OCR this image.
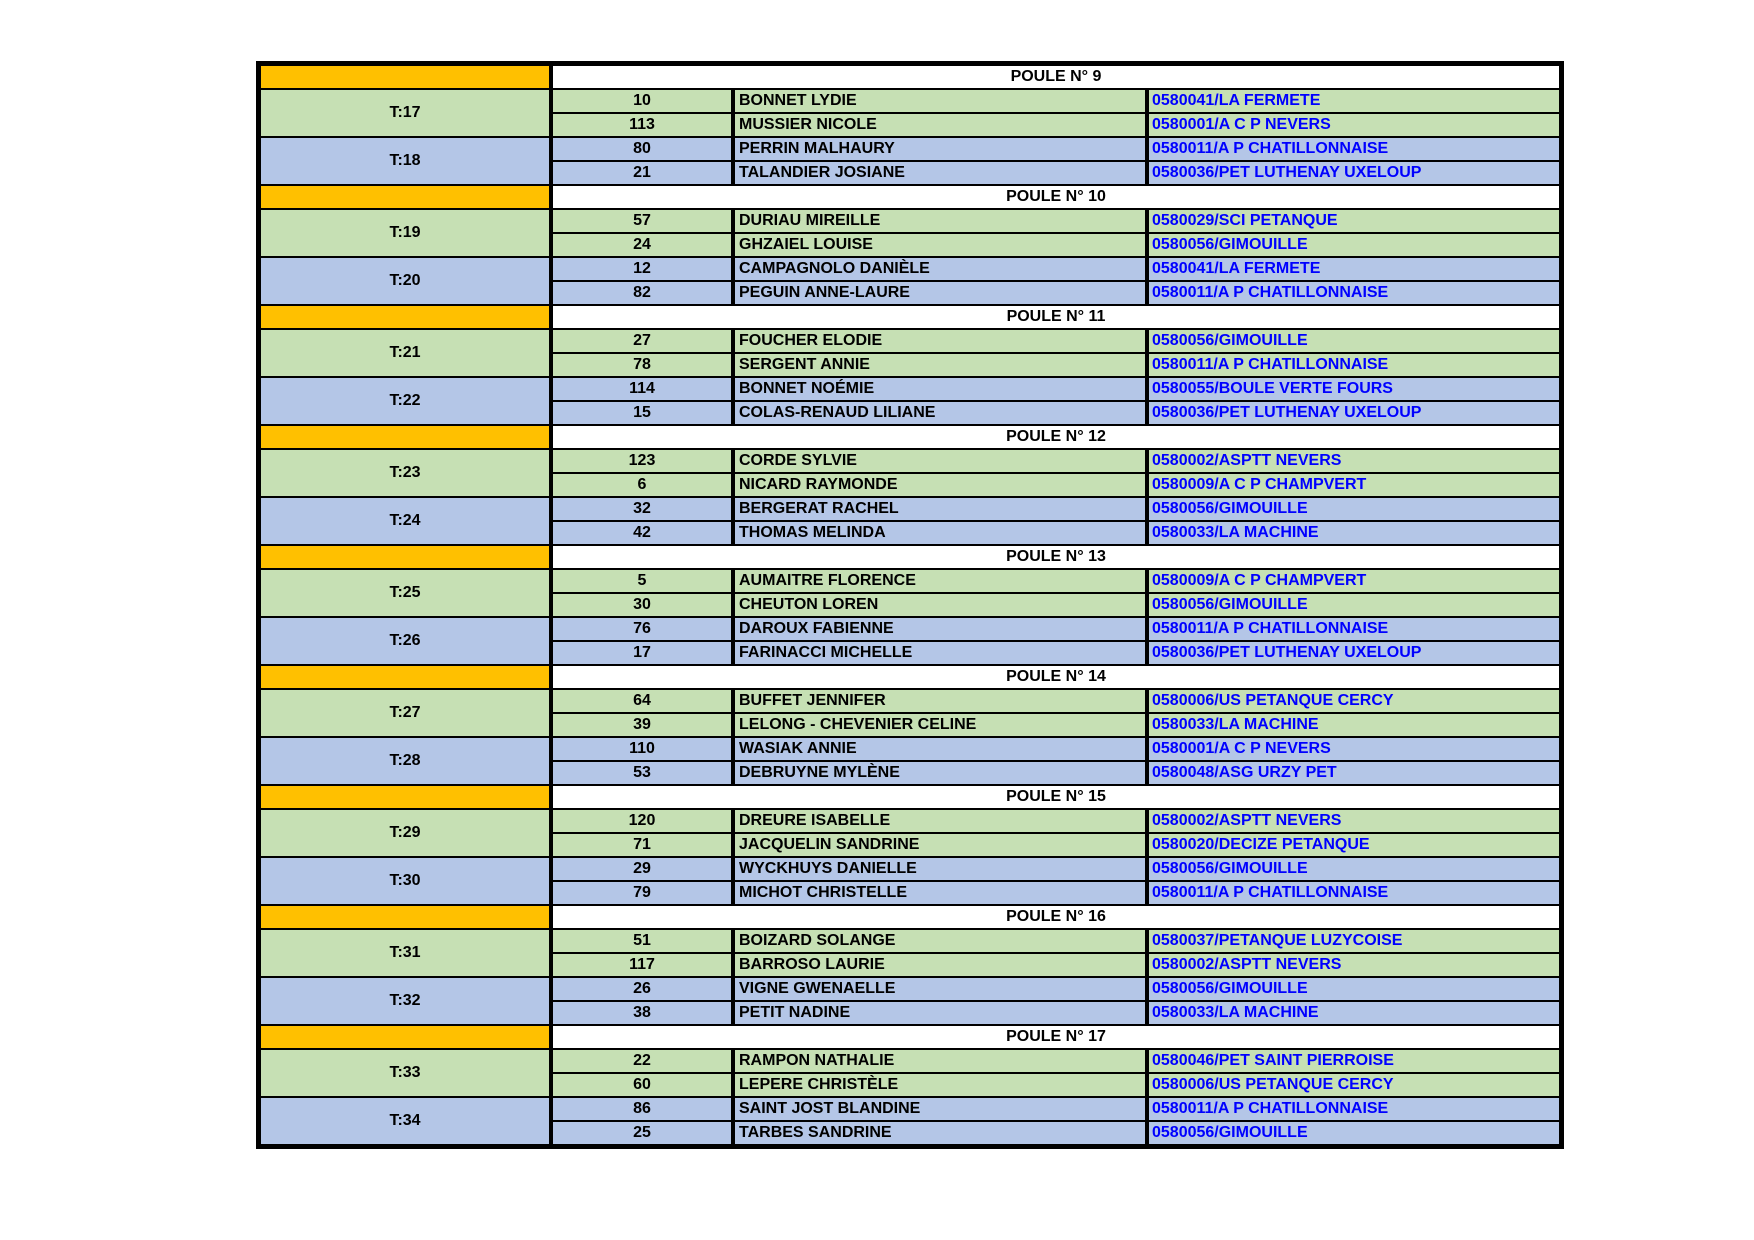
POULE N° 9
T:17
10	BONNET LYDIE	0580041/LA FERMETE
113	MUSSIER NICOLE	0580001/A C P NEVERS
T:18
80	PERRIN MALHAURY	0580011/A P CHATILLONNAISE
21	TALANDIER JOSIANE	0580036/PET LUTHENAY UXELOUP
POULE N° 10
T:19
57	DURIAU MIREILLE	0580029/SCI PETANQUE
24	GHZAIEL LOUISE	0580056/GIMOUILLE
T:20
12	CAMPAGNOLO DANIÈLE	0580041/LA FERMETE
82	PEGUIN ANNE-LAURE	0580011/A P CHATILLONNAISE
POULE N° 11
T:21
27	FOUCHER ELODIE	0580056/GIMOUILLE
78	SERGENT ANNIE	0580011/A P CHATILLONNAISE
T:22
114	BONNET NOÉMIE	0580055/BOULE VERTE FOURS
15	COLAS-RENAUD LILIANE	0580036/PET LUTHENAY UXELOUP
POULE N° 12
T:23
123	CORDE SYLVIE	0580002/ASPTT NEVERS
6	NICARD RAYMONDE	0580009/A C P CHAMPVERT
T:24
32	BERGERAT RACHEL	0580056/GIMOUILLE
42	THOMAS MELINDA	0580033/LA MACHINE
POULE N° 13
T:25
5	AUMAITRE FLORENCE	0580009/A C P CHAMPVERT
30	CHEUTON LOREN	0580056/GIMOUILLE
T:26
76	DAROUX FABIENNE	0580011/A P CHATILLONNAISE
17	FARINACCI MICHELLE	0580036/PET LUTHENAY UXELOUP
POULE N° 14
T:27
64	BUFFET JENNIFER	0580006/US PETANQUE CERCY
39	LELONG - CHEVENIER CELINE	0580033/LA MACHINE
T:28
110	WASIAK ANNIE	0580001/A C P NEVERS
53	DEBRUYNE MYLÈNE	0580048/ASG URZY PET
POULE N° 15
T:29
120	DREURE ISABELLE	0580002/ASPTT NEVERS
71	JACQUELIN SANDRINE	0580020/DECIZE PETANQUE
T:30
29	WYCKHUYS DANIELLE	0580056/GIMOUILLE
79	MICHOT CHRISTELLE	0580011/A P CHATILLONNAISE
POULE N° 16
T:31
51	BOIZARD SOLANGE	0580037/PETANQUE LUZYCOISE
117	BARROSO LAURIE	0580002/ASPTT NEVERS
T:32
26	VIGNE GWENAELLE	0580056/GIMOUILLE
38	PETIT NADINE	0580033/LA MACHINE
POULE N° 17
T:33
22	RAMPON NATHALIE	0580046/PET SAINT PIERROISE
60	LEPERE CHRISTÈLE	0580006/US PETANQUE CERCY
T:34
86	SAINT JOST BLANDINE	0580011/A P CHATILLONNAISE
25	TARBES SANDRINE	0580056/GIMOUILLE
